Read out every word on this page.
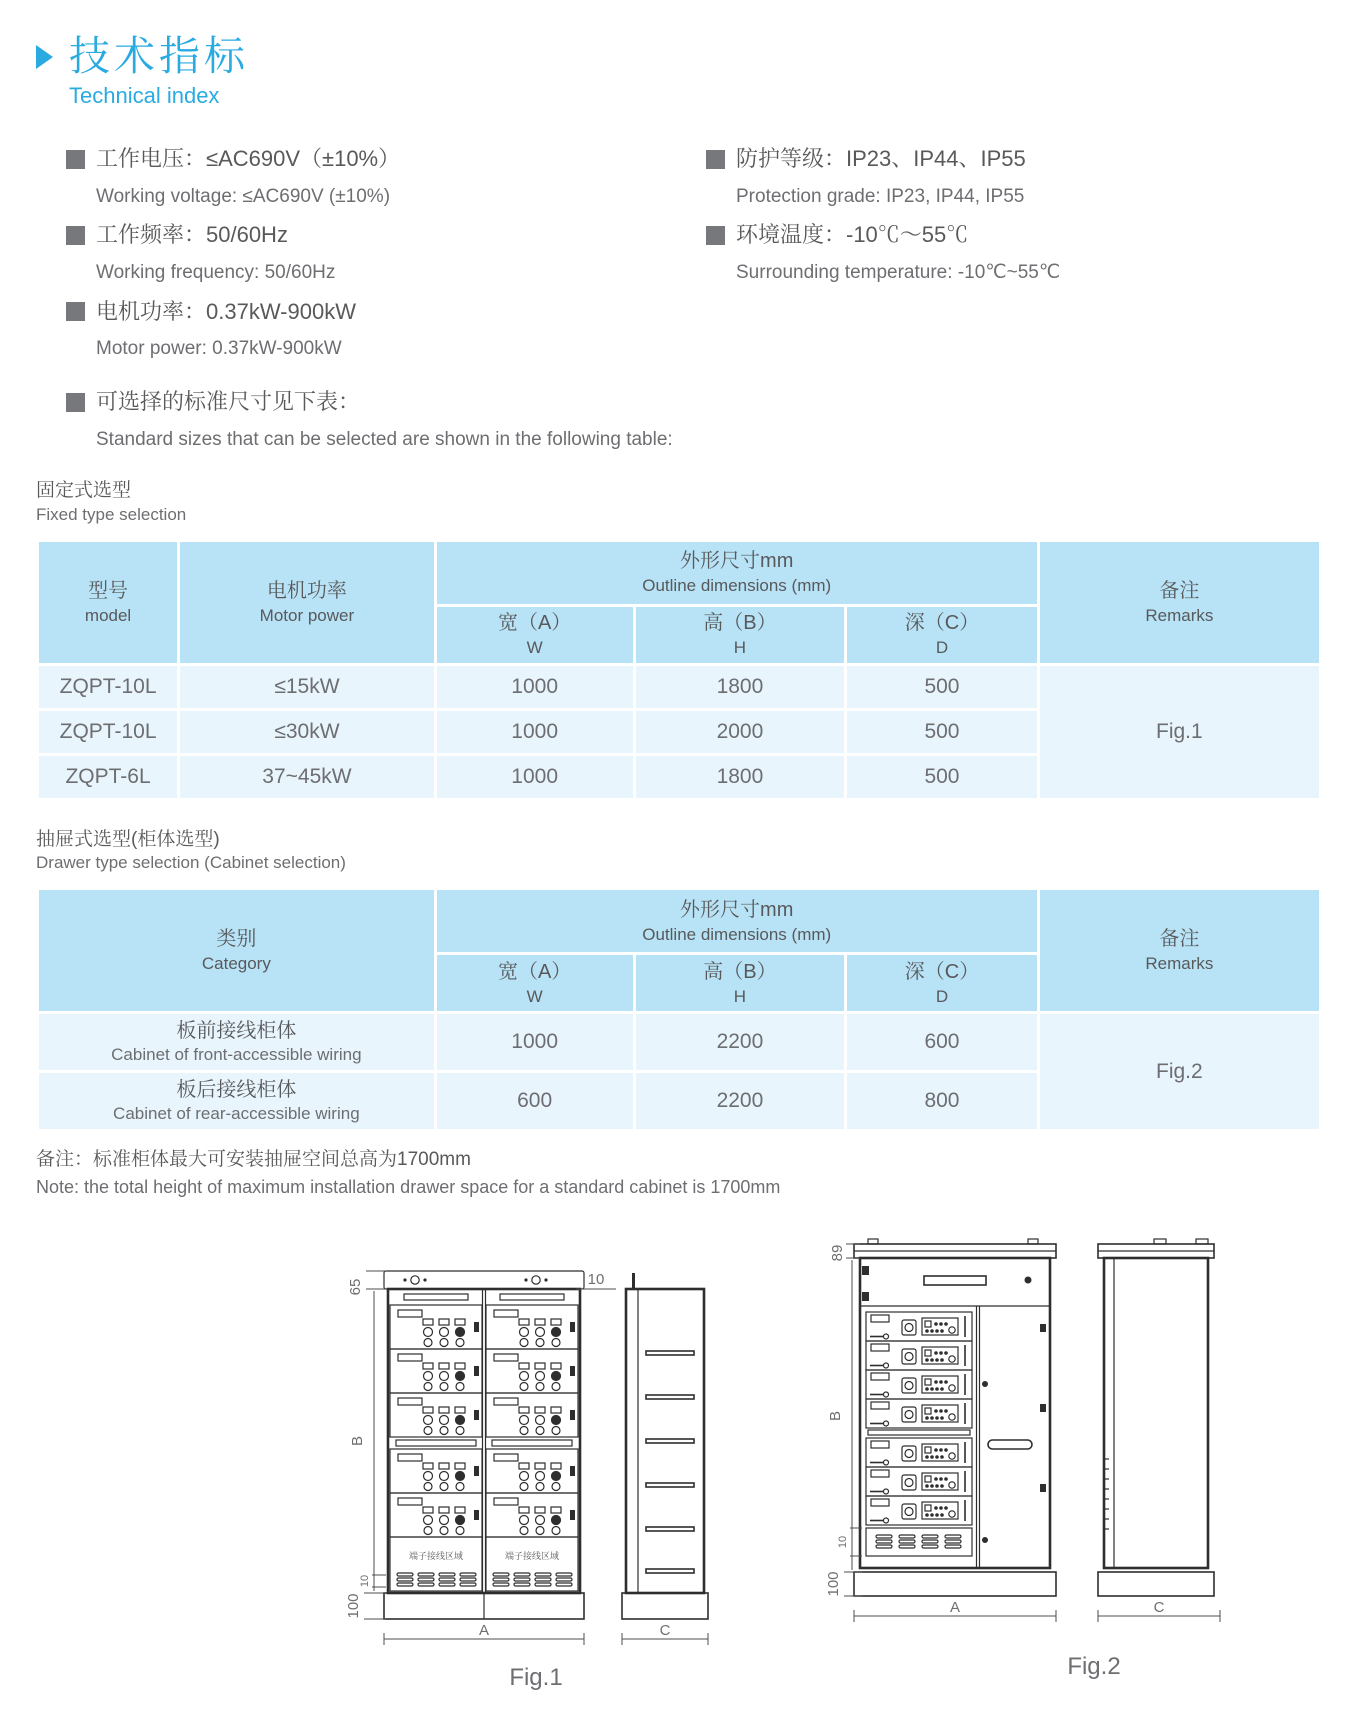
技术指标
Technical index
工作电压：≤AC690V（±10%）
Working voltage: ≤AC690V (±10%)
工作频率：50/60Hz
Working frequency: 50/60Hz
电机功率：0.37kW-900kW
Motor power: 0.37kW-900kW
防护等级：IP23、IP44、IP55
Protection grade: IP23, IP44, IP55
环境温度：-10℃～55℃
Surrounding temperature: -10℃~55℃
可选择的标准尺寸见下表：
Standard sizes that can be selected are shown in the following table:
固定式选型
Fixed type selection
型号
model

电机功率
Motor power

外形尺寸mm
Outline dimensions (mm)	备注
Remarks

宽（A）
W

高（B）
H

深（C）
D

ZQPT-10L	≤15kW	1000	1800	500	Fig.1
ZQPT-10L	≤30kW	1000	2000	500	
ZQPT-6L	37~45kW	1000	1800	500	
抽屉式选型(柜体选型)
Drawer type selection (Cabinet selection)
类别
Category

外形尺寸mm
Outline dimensions (mm)	备注
Remarks

宽（A）
W

高（B）
H

深（C）
D

板前接线柜体
Cabinet of front-accessible wiring	1000	2200	600	Fig.2

板后接线柜体
Cabinet of rear-accessible wiring	600	2200	800	
备注：标准柜体最大可安装抽屉空间总高为1700mm
Note: the total height of maximum installation drawer space for a standard cabinet is 1700mm
端子接线区域	端子接线区域
65
B
10
100
10
A	C
Fig.1
89
B
10
100
A	C
Fig.2
